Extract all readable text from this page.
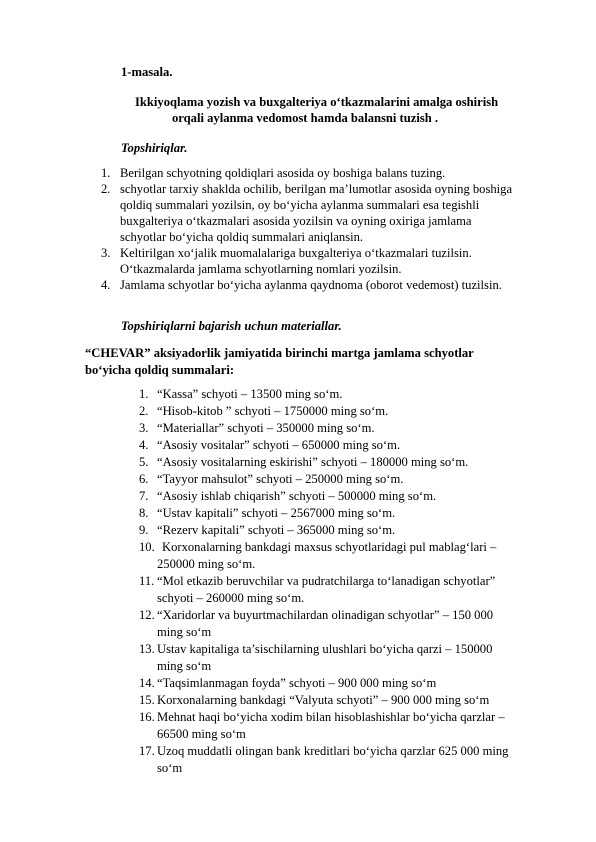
1-masala.
Ikkiyoqlama yozish va buxgalteriya o‘tkazmalarini amalga oshirish
orqali aylanma vedomost hamda balansni tuzish .
Topshiriqlar.
1. Berilgan schyotning qoldiqlari asosida oy boshiga balans tuzing.
2. schyotlar tarxiy shaklda ochilib, berilgan ma’lumotlar asosida oyning boshiga
qoldiq summalari yozilsin, oy bo‘yicha aylanma summalari esa tegishli
buxgalteriya o‘tkazmalari asosida yozilsin va oyning oxiriga jamlama
schyotlar bo‘yicha qoldiq summalari aniqlansin.
3. Keltirilgan xo‘jalik muomalalariga buxgalteriya o‘tkazmalari tuzilsin.
O‘tkazmalarda jamlama schyotlarning nomlari yozilsin.
4. Jamlama schyotlar bo‘yicha aylanma qaydnoma (oborot vedemost) tuzilsin.
Topshiriqlarni bajarish uchun materiallar.
“CHEVAR” aksiyadorlik jamiyatida birinchi martga jamlama schyotlar
bo‘yicha qoldiq summalari:
1. “Kassa” schyoti – 13500 ming so‘m.
2. “Hisob-kitob ” schyoti – 1750000 ming so‘m.
3. “Materiallar” schyoti – 350000 ming so‘m.
4. “Asosiy vositalar” schyoti – 650000 ming so‘m.
5. “Asosiy vositalarning eskirishi” schyoti – 180000 ming so‘m.
6. “Tayyor mahsulot” schyoti – 250000 ming so‘m.
7. “Asosiy ishlab chiqarish” schyoti – 500000 ming so‘m.
8. “Ustav kapitali” schyoti – 2567000 ming so‘m.
9. “Rezerv kapitali” schyoti – 365000 ming so‘m.
10. Korxonalarning bankdagi maxsus schyotlaridagi pul mablag‘lari –
250000 ming so‘m.
11. “Mol etkazib beruvchilar va pudratchilarga to‘lanadigan schyotlar”
schyoti – 260000 ming so‘m.
12. “Xaridorlar va buyurtmachilardan olinadigan schyotlar” – 150 000
ming so‘m
13. Ustav kapitaliga ta’sischilarning ulushlari bo‘yicha qarzi – 150000
ming so‘m
14. “Taqsimlanmagan foyda” schyoti – 900 000 ming so‘m
15. Korxonalarning bankdagi “Valyuta schyoti” – 900 000 ming so‘m
16. Mehnat haqi bo‘yicha xodim bilan hisoblashishlar bo‘yicha qarzlar –
66500 ming so‘m
17. Uzoq muddatli olingan bank kreditlari bo‘yicha qarzlar 625 000 ming
so‘m
